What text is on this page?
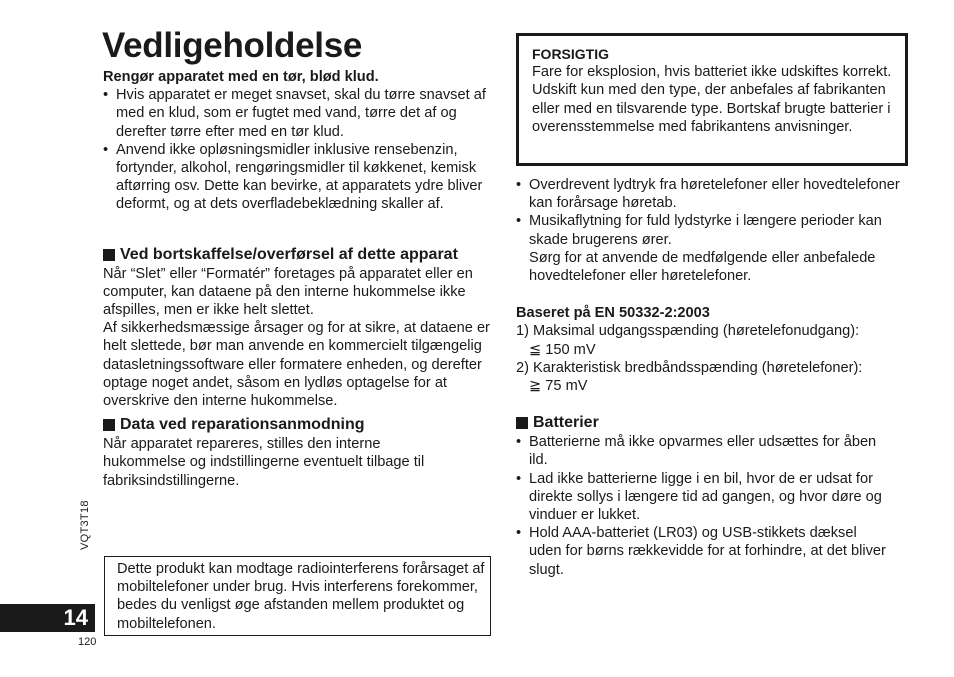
Vedligeholdelse

Rengør apparatet med en tør, blød klud.

• Hvis apparatet er meget snavset, skal du tørre snavset af med en klud, som er fugtet med vand, tørre det af og derefter tørre efter med en tør klud.
• Anvend ikke opløsningsmidler inklusive rensebenzin, fortynder, alkohol, rengøringsmidler til køkkenet, kemisk aftørring osv. Dette kan bevirke, at apparatets ydre bliver deformt, og at dets overfladebeklædning skaller af.

Ved bortskaffelse/overførsel af dette apparat

Når “Slet” eller “Formatér” foretages på apparatet eller en computer, kan dataene på den interne hukommelse ikke afspilles, men er ikke helt slettet.

Af sikkerhedsmæssige årsager og for at sikre, at dataene er helt slettede, bør man anvende en kommercielt tilgængelig datasletningssoftware eller formatere enheden, og derefter optage noget andet, såsom en lydløs optagelse for at overskrive den interne hukommelse.

Data ved reparationsanmodning

Når apparatet repareres, stilles den interne hukommelse og indstillingerne eventuelt tilbage til fabriksindstillingerne.

Dette produkt kan modtage radiointerferens forårsaget af mobiltelefoner under brug. Hvis interferens forekommer, bedes du venligst øge afstanden mellem produktet og mobiltelefonen.
FORSIGTIG
Fare for eksplosion, hvis batteriet ikke udskiftes korrekt. Udskift kun med den type, der anbefales af fabrikanten eller med en tilsvarende type. Bortskaf brugte batterier i overensstemmelse med fabrikantens anvisninger.
• Overdrevent lydtryk fra høretelefoner eller hovedtelefoner kan forårsage høretab.
• Musikaflytning for fuld lydstyrke i længere perioder kan skade brugerens ører.

Sørg for at anvende de medfølgende eller anbefalede hovedtelefoner eller høretelefoner.

Baseret på EN 50332-2:2003

1) Maksimal udgangsspænding (høretelefonudgang):

≦ 150 mV

2) Karakteristisk bredbåndsspænding (høretelefoner):

≧ 75 mV

Batterier

• Batterierne må ikke opvarmes eller udsættes for åben ild.
• Lad ikke batterierne ligge i en bil, hvor de er udsat for direkte sollys i længere tid ad gangen, og hvor døre og vinduer er lukket.
• Hold AAA-batteriet (LR03) og USB-stikkets dæksel uden for børns rækkevidde for at forhindre, at det bliver slugt.
VQT3T18
14
120
